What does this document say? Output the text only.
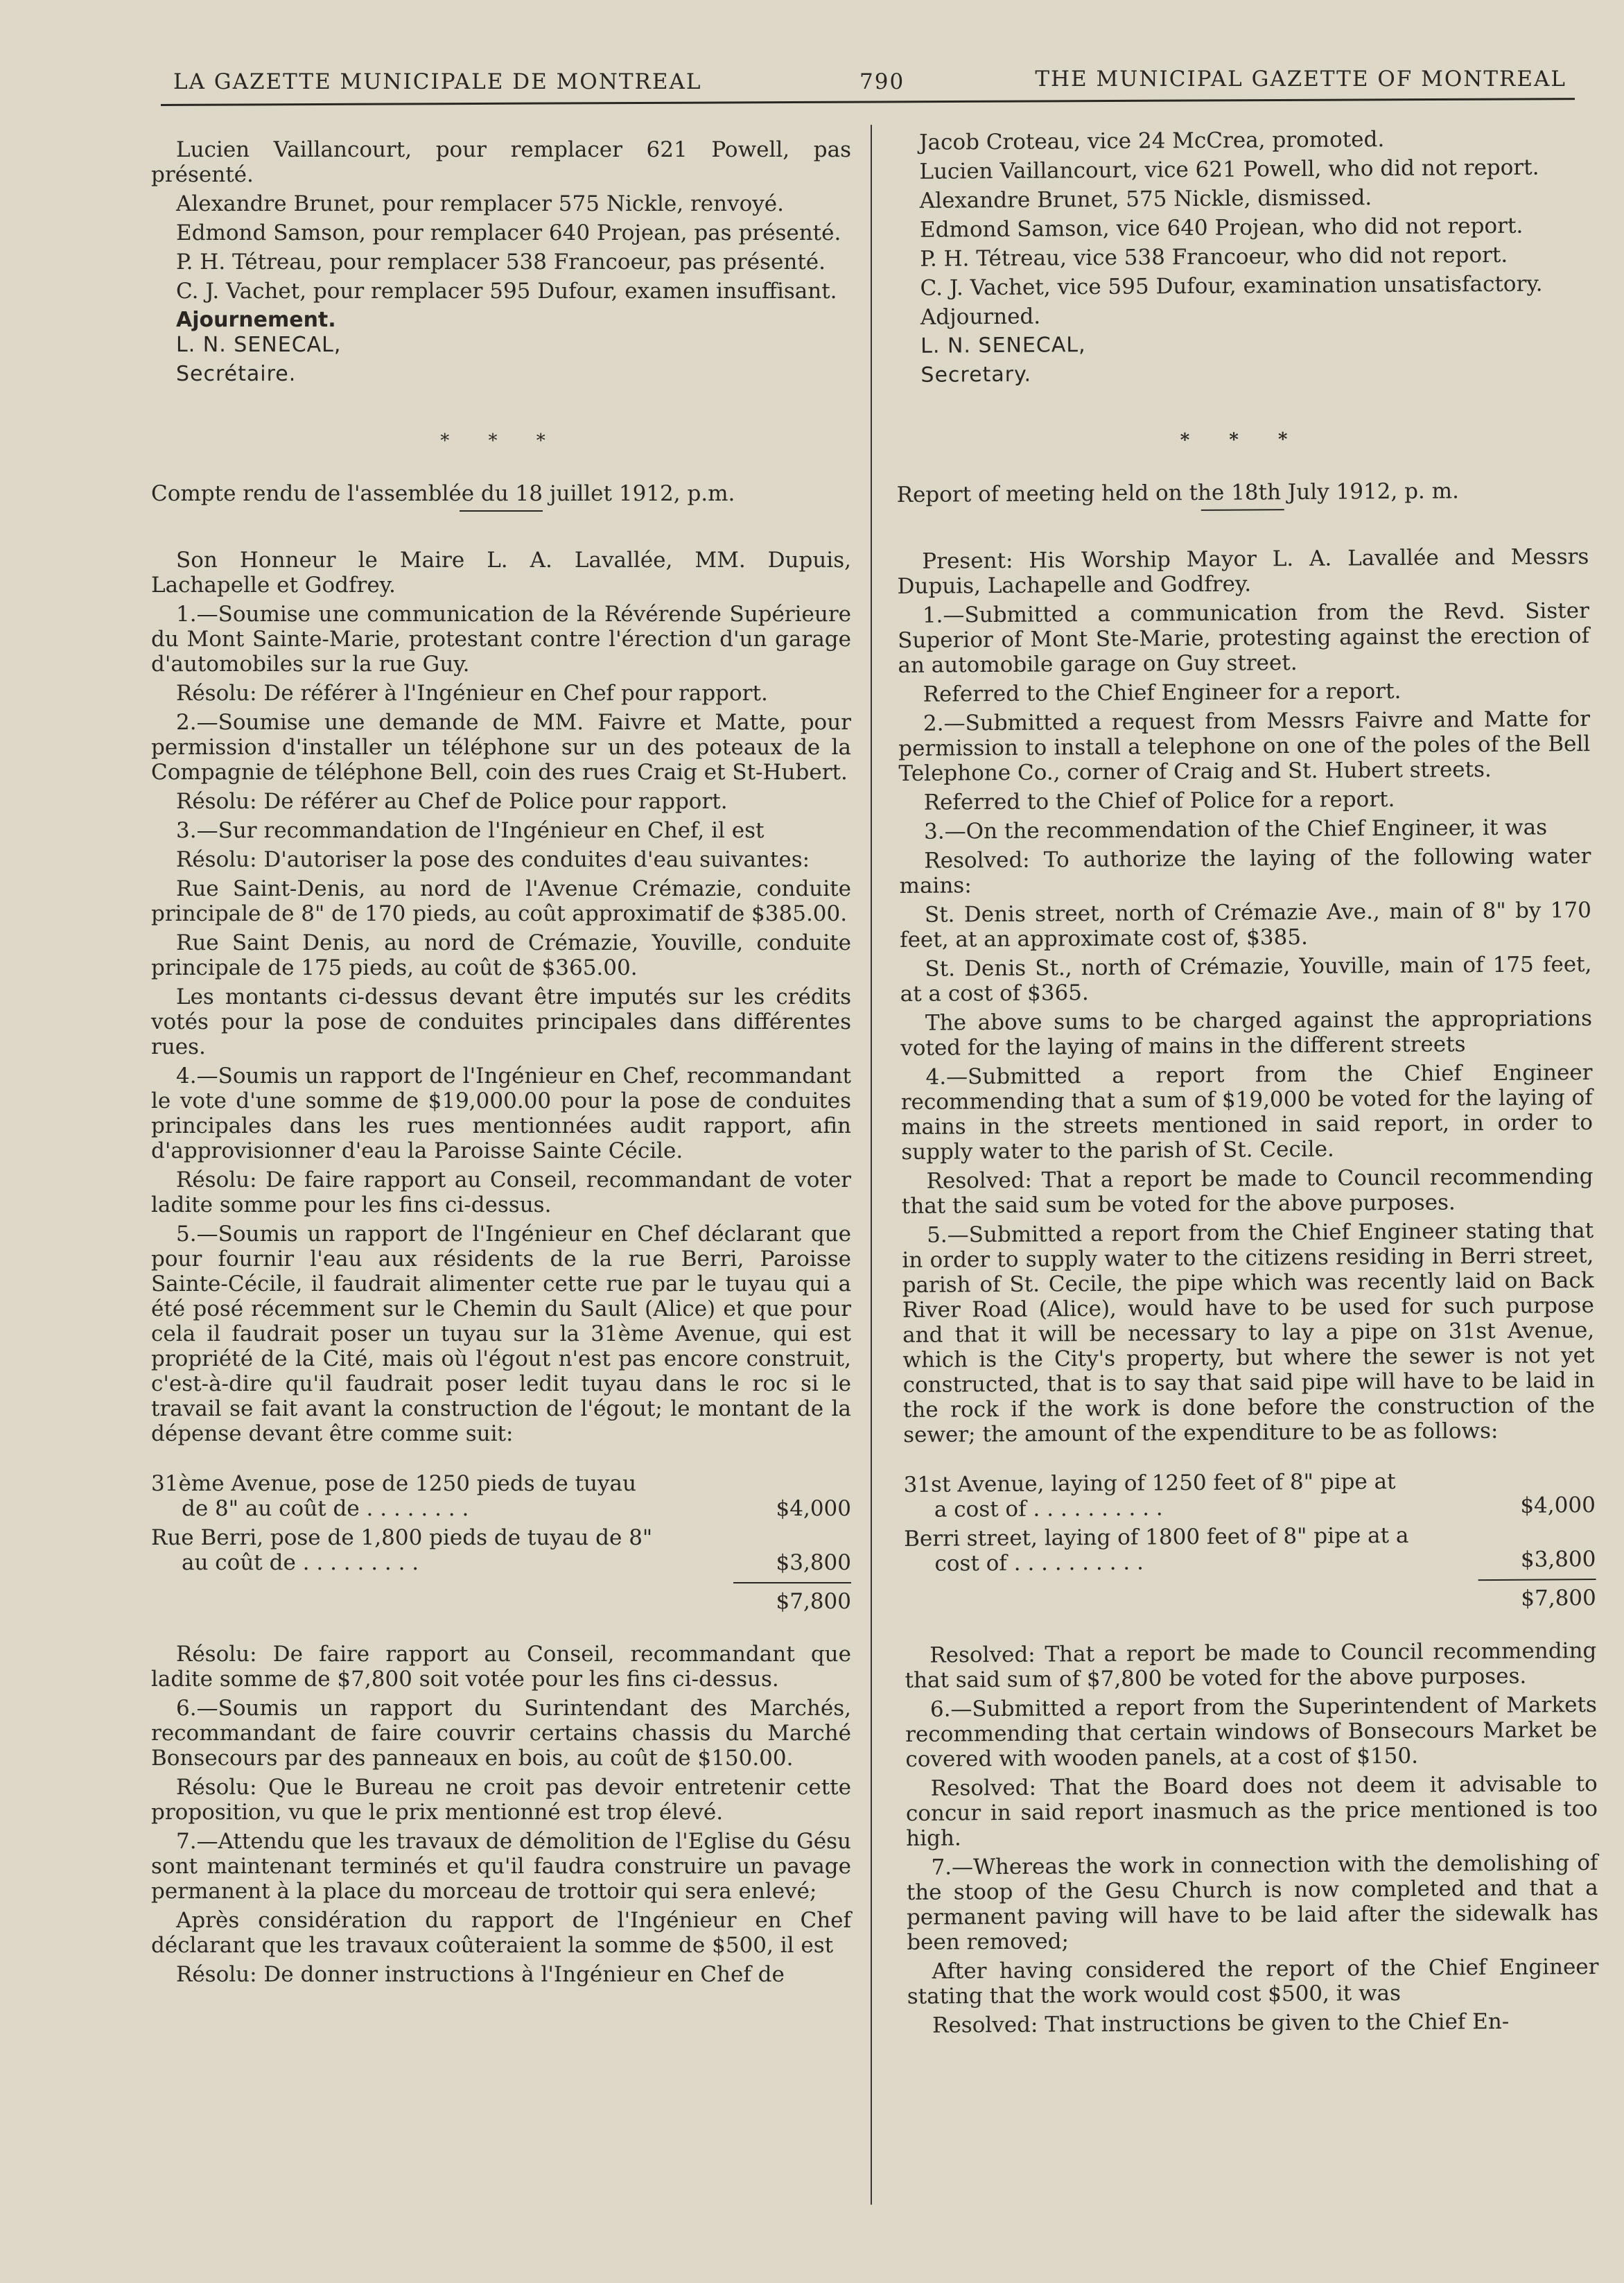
LA GAZETTE MUNICIPALE DE MONTREAL	790	THE MUNICIPAL GAZETTE OF MONTREAL

Lucien Vaillancourt, pour remplacer 621 Powell, pas présenté.

Alexandre Brunet, pour remplacer 575 Nickle, renvoyé.

Edmond Samson, pour remplacer 640 Projean, pas présenté.

P. H. Tétreau, pour remplacer 538 Francoeur, pas présenté.

C. J. Vachet, pour remplacer 595 Dufour, examen insuffisant.

Ajournement.

L. N. SENECAL,

Secrétaire.

* * *

Compte rendu de l'assemblée du 18 juillet 1912, p.m.

Son Honneur le Maire L. A. Lavallée, MM. Dupuis, Lachapelle et Godfrey.

1.—Soumise une communication de la Révérende Supérieure du Mont Sainte-Marie, protestant contre l'érection d'un garage d'automobiles sur la rue Guy.

Résolu: De référer à l'Ingénieur en Chef pour rapport.

2.—Soumise une demande de MM. Faivre et Matte, pour permission d'installer un téléphone sur un des poteaux de la Compagnie de téléphone Bell, coin des rues Craig et St-Hubert.

Résolu: De référer au Chef de Police pour rapport.

3.—Sur recommandation de l'Ingénieur en Chef, il est

Résolu: D'autoriser la pose des conduites d'eau suivantes:

Rue Saint-Denis, au nord de l'Avenue Crémazie, conduite principale de 8" de 170 pieds, au coût approximatif de $385.00.

Rue Saint Denis, au nord de Crémazie, Youville, conduite principale de 175 pieds, au coût de $365.00.

Les montants ci-dessus devant être imputés sur les crédits votés pour la pose de conduites principales dans différentes rues.

4.—Soumis un rapport de l'Ingénieur en Chef, recommandant le vote d'une somme de $19,000.00 pour la pose de conduites principales dans les rues mentionnées audit rapport, afin d'approvisionner d'eau la Paroisse Sainte Cécile.

Résolu: De faire rapport au Conseil, recommandant de voter ladite somme pour les fins ci-dessus.

5.—Soumis un rapport de l'Ingénieur en Chef déclarant que pour fournir l'eau aux résidents de la rue Berri, Paroisse Sainte-Cécile, il faudrait alimenter cette rue par le tuyau qui a été posé récemment sur le Chemin du Sault (Alice) et que pour cela il faudrait poser un tuyau sur la 31ème Avenue, qui est propriété de la Cité, mais où l'égout n'est pas encore construit, c'est-à-dire qu'il faudrait poser ledit tuyau dans le roc si le travail se fait avant la construction de l'égout; le montant de la dépense devant être comme suit:

31ème Avenue, pose de 1250 pieds de tuyau
de 8" au coût de . . . . . . . .	$4,000
Rue Berri, pose de 1,800 pieds de tuyau de 8"
au coût de . . . . . . . . .	$3,800
$7,800

Résolu: De faire rapport au Conseil, recommandant que ladite somme de $7,800 soit votée pour les fins ci-dessus.

6.—Soumis un rapport du Surintendant des Marchés, recommandant de faire couvrir certains chassis du Marché Bonsecours par des panneaux en bois, au coût de $150.00.

Résolu: Que le Bureau ne croit pas devoir entretenir cette proposition, vu que le prix mentionné est trop élevé.

7.—Attendu que les travaux de démolition de l'Eglise du Gésu sont maintenant terminés et qu'il faudra construire un pavage permanent à la place du morceau de trottoir qui sera enlevé;

Après considération du rapport de l'Ingénieur en Chef déclarant que les travaux coûteraient la somme de $500, il est

Résolu: De donner instructions à l'Ingénieur en Chef de

Jacob Croteau, vice 24 McCrea, promoted.

Lucien Vaillancourt, vice 621 Powell, who did not report.

Alexandre Brunet, 575 Nickle, dismissed.

Edmond Samson, vice 640 Projean, who did not report.

P. H. Tétreau, vice 538 Francoeur, who did not report.

C. J. Vachet, vice 595 Dufour, examination unsatisfactory.

Adjourned.

L. N. SENECAL,

Secretary.

* * *

Report of meeting held on the 18th July 1912, p. m.

Present: His Worship Mayor L. A. Lavallée and Messrs Dupuis, Lachapelle and Godfrey.

1.—Submitted a communication from the Revd. Sister Superior of Mont Ste-Marie, protesting against the erection of an automobile garage on Guy street.

Referred to the Chief Engineer for a report.

2.—Submitted a request from Messrs Faivre and Matte for permission to install a telephone on one of the poles of the Bell Telephone Co., corner of Craig and St. Hubert streets.

Referred to the Chief of Police for a report.

3.—On the recommendation of the Chief Engineer, it was

Resolved: To authorize the laying of the following water mains:

St. Denis street, north of Crémazie Ave., main of 8" by 170 feet, at an approximate cost of, $385.

St. Denis St., north of Crémazie, Youville, main of 175 feet, at a cost of $365.

The above sums to be charged against the appropriations voted for the laying of mains in the different streets

4.—Submitted a report from the Chief Engineer recommending that a sum of $19,000 be voted for the laying of mains in the streets mentioned in said report, in order to supply water to the parish of St. Cecile.

Resolved: That a report be made to Council recommending that the said sum be voted for the above purposes.

5.—Submitted a report from the Chief Engineer stating that in order to supply water to the citizens residing in Berri street, parish of St. Cecile, the pipe which was recently laid on Back River Road (Alice), would have to be used for such purpose and that it will be necessary to lay a pipe on 31st Avenue, which is the City's property, but where the sewer is not yet constructed, that is to say that said pipe will have to be laid in the rock if the work is done before the construction of the sewer; the amount of the expenditure to be as follows:

31st Avenue, laying of 1250 feet of 8" pipe at
a cost of . . . . . . . . . .	$4,000
Berri street, laying of 1800 feet of 8" pipe at a
cost of . . . . . . . . . .	$3,800
$7,800

Resolved: That a report be made to Council recommending that said sum of $7,800 be voted for the above purposes.

6.—Submitted a report from the Superintendent of Markets recommending that certain windows of Bonsecours Market be covered with wooden panels, at a cost of $150.

Resolved: That the Board does not deem it advisable to concur in said report inasmuch as the price mentioned is too high.

7.—Whereas the work in connection with the demolishing of the stoop of the Gesu Church is now completed and that a permanent paving will have to be laid after the sidewalk has been removed;

After having considered the report of the Chief Engineer stating that the work would cost $500, it was

Resolved: That instructions be given to the Chief En-
